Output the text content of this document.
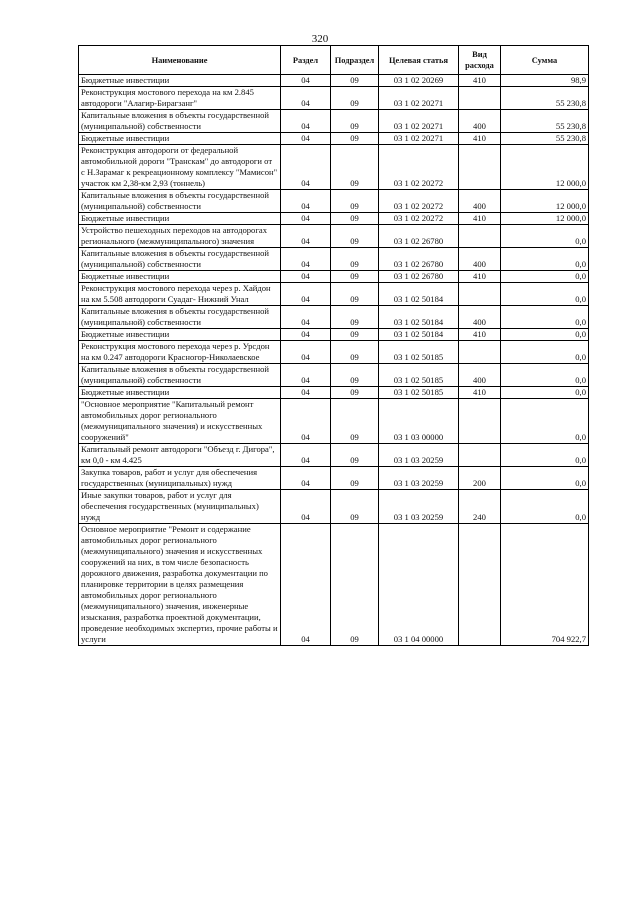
320
Наименование	Раздел	Подраздел	Целевая статья	Вид расхода	Сумма
Бюджетные инвестиции	04	09	03 1 02 20269	410	98,9
Реконструкция мостового перехода на км 2.845 автодороги "Алагир-Бирагзанг"	04	09	03 1 02 20271		55 230,8
Капитальные вложения в объекты государственной (муниципальной) собственности	04	09	03 1 02 20271	400	55 230,8
Бюджетные инвестиции	04	09	03 1 02 20271	410	55 230,8
Реконструкция автодороги от федеральной автомобильной дороги "Транскам" до автодороги от с Н.Зарамаг к рекреационному комплексу "Мамисон" участок км 2,38-км 2,93 (тоннель)	04	09	03 1 02 20272		12 000,0
Капитальные вложения в объекты государственной (муниципальной) собственности	04	09	03 1 02 20272	400	12 000,0
Бюджетные инвестиции	04	09	03 1 02 20272	410	12 000,0
Устройство пешеходных переходов на автодорогах регионального (межмуниципального) значения	04	09	03 1 02 26780		0,0
Капитальные вложения в объекты государственной (муниципальной) собственности	04	09	03 1 02 26780	400	0,0
Бюджетные инвестиции	04	09	03 1 02 26780	410	0,0
Реконструкция мостового перехода через р. Хайдон на км 5.508 автодороги Суадаг- Нижний Унал	04	09	03 1 02 50184		0,0
Капитальные вложения в объекты государственной (муниципальной) собственности	04	09	03 1 02 50184	400	0,0
Бюджетные инвестиции	04	09	03 1 02 50184	410	0,0
Реконструкция мостового перехода через р. Урсдон на км 0.247 автодороги Красногор-Николаевское	04	09	03 1 02 50185		0,0
Капитальные вложения в объекты государственной (муниципальной) собственности	04	09	03 1 02 50185	400	0,0
Бюджетные инвестиции	04	09	03 1 02 50185	410	0,0
"Основное мероприятие "Капитальный ремонт автомобильных дорог регионального (межмуниципального значения) и искусственных сооружений"	04	09	03 1 03 00000		0,0
Капитальный ремонт автодороги "Объезд г. Дигора", км 0,0 - км 4.425	04	09	03 1 03 20259		0,0
Закупка товаров, работ и услуг для обеспечения государственных (муниципальных) нужд	04	09	03 1 03 20259	200	0,0
Иные закупки товаров, работ и услуг для обеспечения государственных (муниципальных) нужд	04	09	03 1 03 20259	240	0,0
Основное мероприятие "Ремонт и содержание автомобильных дорог регионального (межмуниципального) значения и искусственных сооружений на них, в том числе безопасность дорожного движения, разработка документации по планировке территории в целях размещения автомобильных дорог регионального (межмуниципального) значения, инженерные изыскания, разработка проектной документации, проведение необходимых экспертиз, прочие работы и услуги	04	09	03 1 04 00000		704 922,7
